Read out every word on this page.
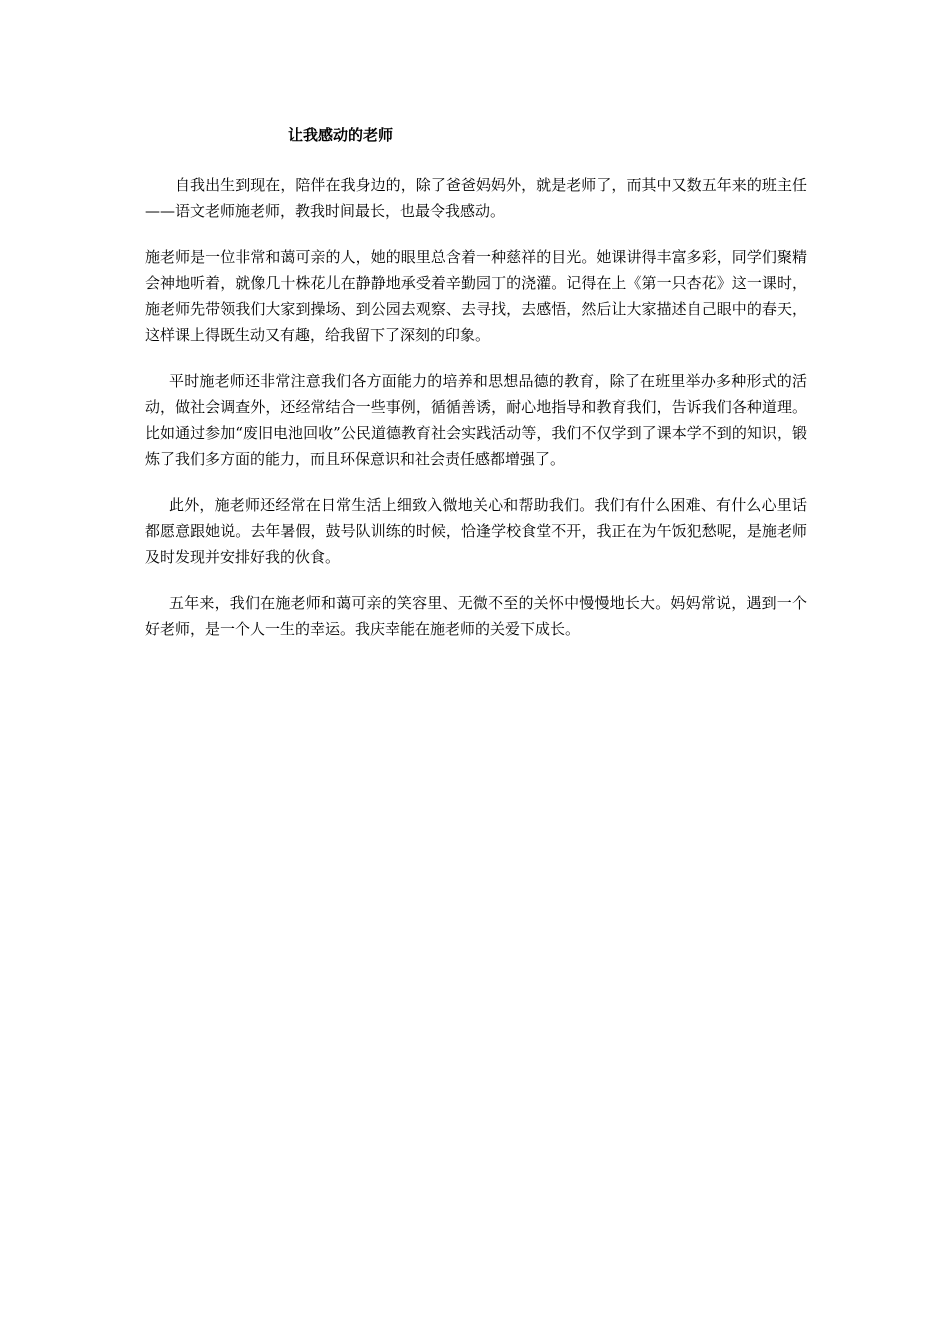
让我感动的老师

自我出生到现在，陪伴在我身边的，除了爸爸妈妈外，就是老师了，而其中又数五年来的班主任——语文老师施老师，教我时间最长，也最令我感动。

施老师是一位非常和蔼可亲的人，她的眼里总含着一种慈祥的目光。她课讲得丰富多彩，同学们聚精会神地听着，就像几十株花儿在静静地承受着辛勤园丁的浇灌。记得在上《第一只杏花》这一课时，施老师先带领我们大家到操场、到公园去观察、去寻找，去感悟，然后让大家描述自己眼中的春天，这样课上得既生动又有趣，给我留下了深刻的印象。

平时施老师还非常注意我们各方面能力的培养和思想品德的教育，除了在班里举办多种形式的活动，做社会调查外，还经常结合一些事例，循循善诱，耐心地指导和教育我们，告诉我们各种道理。比如通过参加“废旧电池回收”公民道德教育社会实践活动等，我们不仅学到了课本学不到的知识，锻炼了我们多方面的能力，而且环保意识和社会责任感都增强了。

此外，施老师还经常在日常生活上细致入微地关心和帮助我们。我们有什么困难、有什么心里话都愿意跟她说。去年暑假，鼓号队训练的时候，恰逢学校食堂不开，我正在为午饭犯愁呢，是施老师及时发现并安排好我的伙食。

五年来，我们在施老师和蔼可亲的笑容里、无微不至的关怀中慢慢地长大。妈妈常说，遇到一个好老师，是一个人一生的幸运。我庆幸能在施老师的关爱下成长。
